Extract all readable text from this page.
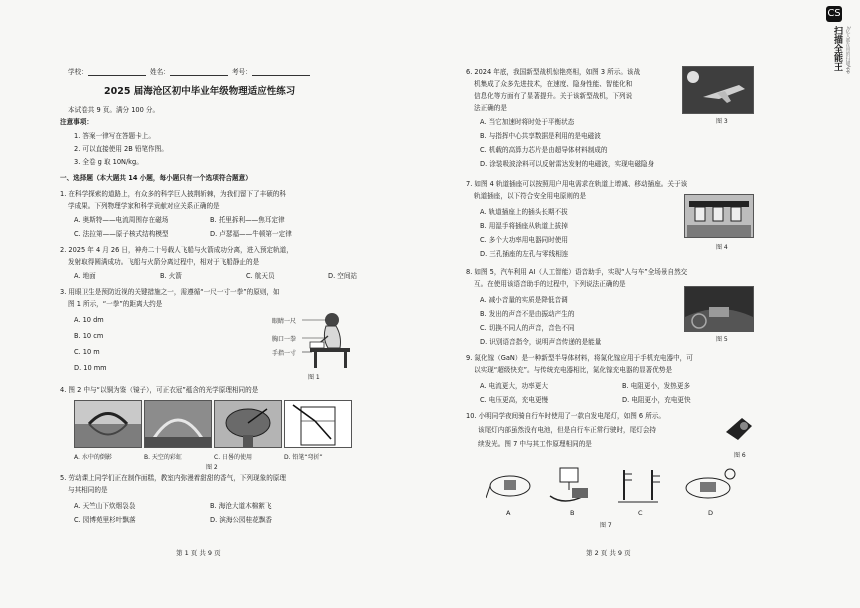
学校：	姓名：	考号：
2025 届海沧区初中毕业年级物理适应性练习
本试卷共 9 页。满分 100 分。
注意事项：
1. 答案一律写在答题卡上。
2. 可以直接使用 2B 铅笔作图。
3. 全卷 g 取 10N/kg。
一、选择题（本大题共 14 小题，每小题只有一个选项符合题意）
1. 在科学探索的道路上，有众多的科学巨人披荆斩棘，为我们留下了丰硕的科
学成果。下列物理学家和科学贡献对应关系正确的是
A. 奥斯特——电流周围存在磁场	B. 托里拆利——焦耳定律
C. 法拉第——原子核式结构模型	D. 卢瑟福——牛顿第一定律
2. 2025 年 4 月 26 日，神舟二十号载人飞船与火箭成功分离，进入预定轨道，
发射取得圆满成功。飞船与火箭分离过程中，相对于飞船静止的是
A. 地面	B. 火箭	C. 航天员	D. 空间站
3. 用眼卫生是预防近视的关键措施之一，需遵循“一尺一寸一拳”的原则，如
图 1 所示，“一拳”的距离大约是
A. 10 dm
B. 10 cm
C. 10 m
D. 10 mm
眼睛一尺
胸口一拳
手指一寸
图 1
4. 图 2 中与“以铜为鉴（镜子），可正衣冠”蕴含的光学原理相同的是
A. 水中的倒影	B. 天空的彩虹	C. 日晷的使用	D. 铅笔“弯折”
图 2
5. 劳动课上同学们正在制作面糕，教室内弥漫着甜甜的香气，下列现象的原理
与其相同的是
A. 天竺山下炊烟袅袅	B. 海沧大道木棉絮飞
C. 园博苑里杉叶飘落	D. 滨海公园桂花飘香
第 1 页 共 9 页
6. 2024 年底，我国新型战机惊艳亮相，如图 3 所示。该战
机集成了众多先进技术，在速度、隐身性能、智能化和
信息化等方面有了显著提升。关于该新型战机，下列说
法正确的是
A. 当它加速时将时处于平衡状态
B. 与指挥中心共享数据是利用的是电磁波
C. 机载的高算力芯片是由超导体材料制成的
D. 涂装吸波涂料可以反射雷达发射的电磁波，实现电磁隐身
图 3
7. 如图 4 轨道插座可以按照用户用电需求在轨道上增减、移动插座。关于该
轨道插座，以下符合安全用电原则的是
A. 轨道插座上的插头长期不拔
B. 用湿手将插座从轨道上拔掉
C. 多个大功率用电器同时使用
D. 三孔插座的左孔与零线相连
图 4
8. 如图 5，汽车利用 AI（人工智能）语音助手，实现“人与车”全场景自然交
互。在使用该语音助手的过程中，下列说法正确的是
A. 减小音量的实质是降低音调
B. 发出的声音不是由振动产生的
C. 切换不同人的声音，音色不同
D. 识别语音指令，说明声音传递的是能量	图 5
9. 氮化镓（GaN）是一种新型半导体材料，将氮化镓应用于手机充电器中，可
以实现“超级快充”。与传统充电器相比，氮化镓充电器的显著优势是
A. 电流更大，功率更大	B. 电阻更小，发热更多
C. 电压更高，充电更慢	D. 电阻更小，充电更快
10. 小明同学夜间骑自行车时使用了一款自发电尾灯，如图 6 所示。
该尾灯内部虽然没有电池，但是自行车正常行驶时，尾灯会持
续发光。图 7 中与其工作原理相同的是
图 6
A	B	C	D
图 7
第 2 页 共 9 页
CS
扫描全能王 3亿人都在用的扫描App
